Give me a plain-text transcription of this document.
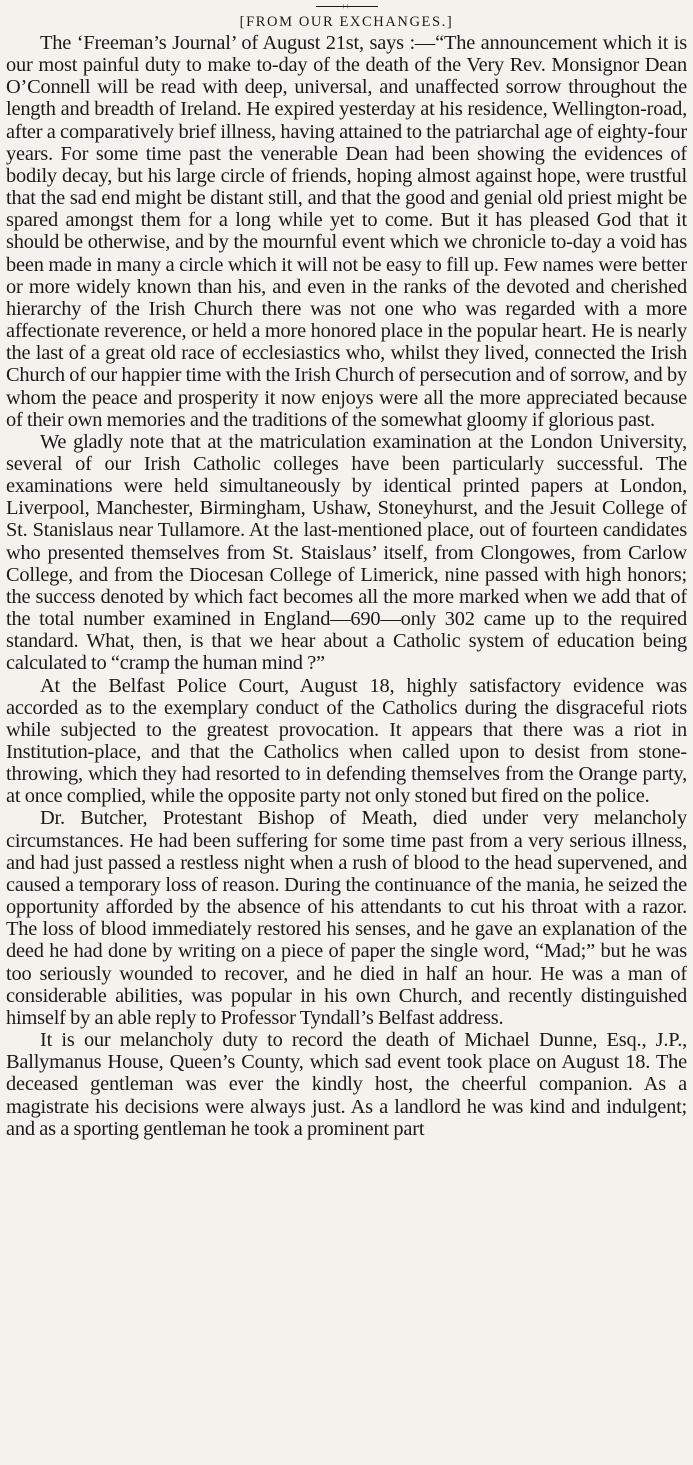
++
[FROM OUR EXCHANGES.]

The ‘Freeman’s Journal’ of August 21st, says :—“The announcement which it is our most painful duty to make to-day of the death of the Very Rev. Monsignor Dean O’Connell will be read with deep, universal, and unaffected sorrow throughout the length and breadth of Ireland. He expired yesterday at his residence, Wellington-road, after a comparatively brief illness, having attained to the patriarchal age of eighty-four years. For some time past the venerable Dean had been showing the evidences of bodily decay, but his large circle of friends, hoping almost against hope, were trustful that the sad end might be distant still, and that the good and genial old priest might be spared amongst them for a long while yet to come. But it has pleased God that it should be otherwise, and by the mournful event which we chronicle to-day a void has been made in many a circle which it will not be easy to fill up. Few names were better or more widely known than his, and even in the ranks of the devoted and cherished hierarchy of the Irish Church there was not one who was regarded with a more affectionate reverence, or held a more honored place in the popular heart. He is nearly the last of a great old race of ecclesiastics who, whilst they lived, connected the Irish Church of our happier time with the Irish Church of persecution and of sorrow, and by whom the peace and prosperity it now enjoys were all the more appreciated because of their own memories and the traditions of the somewhat gloomy if glorious past.

We gladly note that at the matriculation examination at the London University, several of our Irish Catholic colleges have been particularly successful. The examinations were held simultaneously by identical printed papers at London, Liverpool, Manchester, Birmingham, Ushaw, Stoneyhurst, and the Jesuit College of St. Stanislaus near Tullamore. At the last-mentioned place, out of fourteen candidates who presented themselves from St. Staislaus’ itself, from Clongowes, from Carlow College, and from the Diocesan College of Limerick, nine passed with high honors; the success denoted by which fact becomes all the more marked when we add that of the total number examined in England—690—only 302 came up to the required standard. What, then, is that we hear about a Catholic system of education being calculated to “cramp the human mind ?”

At the Belfast Police Court, August 18, highly satisfactory evidence was accorded as to the exemplary conduct of the Catholics during the disgraceful riots while subjected to the greatest provocation. It appears that there was a riot in Institution-place, and that the Catholics when called upon to desist from stone-throwing, which they had resorted to in defending themselves from the Orange party, at once complied, while the opposite party not only stoned but fired on the police.

Dr. Butcher, Protestant Bishop of Meath, died under very melancholy circumstances. He had been suffering for some time past from a very serious illness, and had just passed a restless night when a rush of blood to the head supervened, and caused a temporary loss of reason. During the continuance of the mania, he seized the opportunity afforded by the absence of his attendants to cut his throat with a razor. The loss of blood immediately restored his senses, and he gave an explanation of the deed he had done by writing on a piece of paper the single word, “Mad;” but he was too seriously wounded to recover, and he died in half an hour. He was a man of considerable abilities, was popular in his own Church, and recently distinguished himself by an able reply to Professor Tyndall’s Belfast address.

It is our melancholy duty to record the death of Michael Dunne, Esq., J.P., Ballymanus House, Queen’s County, which sad event took place on August 18. The deceased gentleman was ever the kindly host, the cheerful companion. As a magistrate his decisions were always just. As a landlord he was kind and indulgent; and as a sporting gentleman he took a prominent part
